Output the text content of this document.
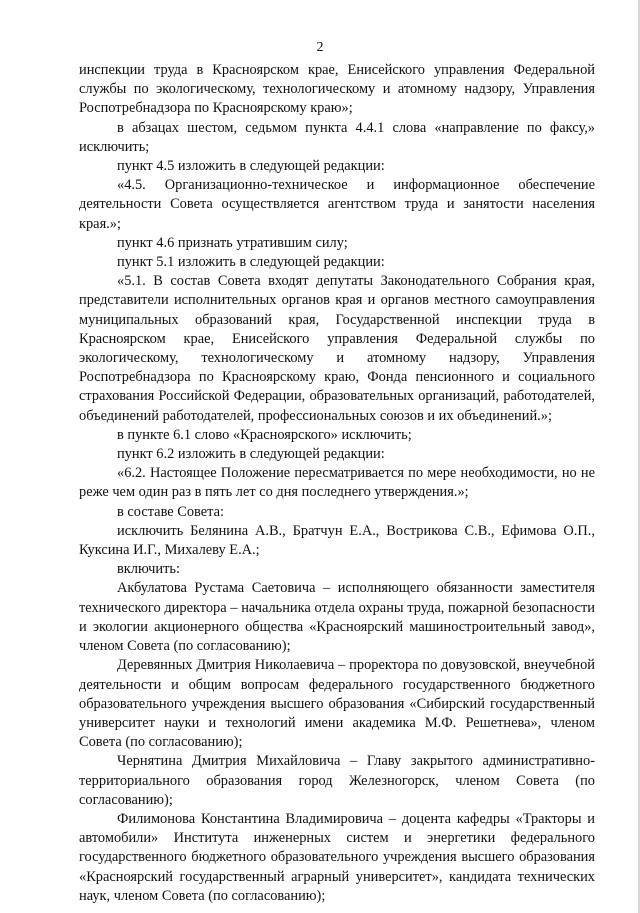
2

инспекции труда в Красноярском крае, Енисейского управления Федеральной службы по экологическому, технологическому и атомному надзору, Управления Роспотребнадзора по Красноярскому краю»;

в абзацах шестом, седьмом пункта 4.4.1 слова «направление по факсу,» исключить;

пункт 4.5 изложить в следующей редакции:

«4.5. Организационно-техническое и информационное обеспечение деятельности Совета осуществляется агентством труда и занятости населения края.»;

пункт 4.6 признать утратившим силу;

пункт 5.1 изложить в следующей редакции:

«5.1. В состав Совета входят депутаты Законодательного Собрания края, представители исполнительных органов края и органов местного самоуправления муниципальных образований края, Государственной инспекции труда в Красноярском крае, Енисейского управления Федеральной службы по экологическому, технологическому и атомному надзору, Управления Роспотребнадзора по Красноярскому краю, Фонда пенсионного и социального страхования Российской Федерации, образовательных организаций, работодателей, объединений работодателей, профессиональных союзов и их объединений.»;

в пункте 6.1 слово «Красноярского» исключить;

пункт 6.2 изложить в следующей редакции:

«6.2. Настоящее Положение пересматривается по мере необходимости, но не реже чем один раз в пять лет со дня последнего утверждения.»;

в составе Совета:

исключить Белянина А.В., Братчун Е.А., Вострикова С.В., Ефимова О.П., Куксина И.Г., Михалеву Е.А.;

включить:

Акбулатова Рустама Саетовича – исполняющего обязанности заместителя технического директора – начальника отдела охраны труда, пожарной безопасности и экологии акционерного общества «Красноярский машиностроительный завод», членом Совета (по согласованию);

Деревянных Дмитрия Николаевича – проректора по довузовской, внеучебной деятельности и общим вопросам федерального государственного бюджетного образовательного учреждения высшего образования «Сибирский государственный университет науки и технологий имени академика М.Ф. Решетнева», членом Совета (по согласованию);

Чернятина Дмитрия Михайловича – Главу закрытого административно-территориального образования город Железногорск, членом Совета (по согласованию);

Филимонова Константина Владимировича – доцента кафедры «Тракторы и автомобили» Института инженерных систем и энергетики федерального государственного бюджетного образовательного учреждения высшего образования «Красноярский государственный аграрный университет», кандидата технических наук, членом Совета (по согласованию);
